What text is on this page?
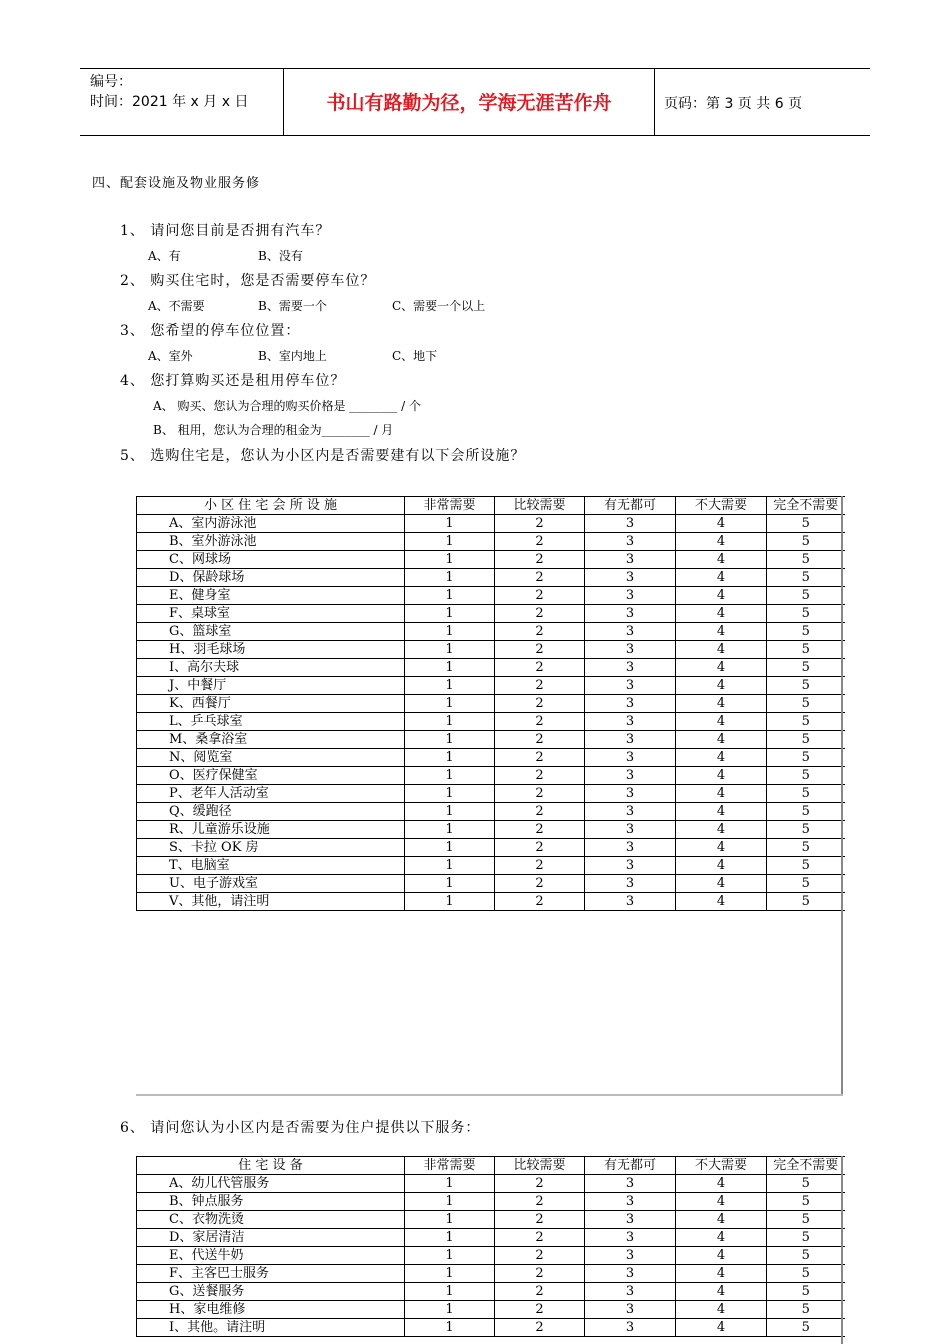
编号：
时间：2021 年 x 月 x 日	书山有路勤为径，学海无涯苦作舟	页码：第 3 页 共 6 页
四、配套设施及物业服务修
1、 请问您目前是否拥有汽车？
A、有	B、没有
2、 购买住宅时，您是否需要停车位？
A、不需要	B、需要一个	C、需要一个以上
3、 您希望的停车位位置：
A、室外	B、室内地上	C、地下
4、 您打算购买还是租用停车位？
A、 购买、您认为合理的购买价格是 ________ / 个
B、 租用，您认为合理的租金为________ / 月
5、 选购住宅是，您认为小区内是否需要建有以下会所设施？
小 区 住 宅 会 所 设 施	非常需要	比较需要	有无都可	不大需要	完全不需要
A、室内游泳池	1	2	3	4	5
B、室外游泳池	1	2	3	4	5
C、网球场	1	2	3	4	5
D、保龄球场	1	2	3	4	5
E、健身室	1	2	3	4	5
F、桌球室	1	2	3	4	5
G、篮球室	1	2	3	4	5
H、羽毛球场	1	2	3	4	5
I、高尔夫球	1	2	3	4	5
J、中餐厅	1	2	3	4	5
K、西餐厅	1	2	3	4	5
L、乒乓球室	1	2	3	4	5
M、桑拿浴室	1	2	3	4	5
N、阅览室	1	2	3	4	5
O、医疗保健室	1	2	3	4	5
P、老年人活动室	1	2	3	4	5
Q、缓跑径	1	2	3	4	5
R、儿童游乐设施	1	2	3	4	5
S、卡拉 OK 房	1	2	3	4	5
T、电脑室	1	2	3	4	5
U、电子游戏室	1	2	3	4	5
V、其他，请注明	1	2	3	4	5
6、 请问您认为小区内是否需要为住户提供以下服务：
住 宅 设 备	非常需要	比较需要	有无都可	不大需要	完全不需要
A、幼儿代管服务	1	2	3	4	5
B、钟点服务	1	2	3	4	5
C、衣物洗烫	1	2	3	4	5
D、家居清洁	1	2	3	4	5
E、代送牛奶	1	2	3	4	5
F、主客巴士服务	1	2	3	4	5
G、送餐服务	1	2	3	4	5
H、家电维修	1	2	3	4	5
I、其他。请注明	1	2	3	4	5
